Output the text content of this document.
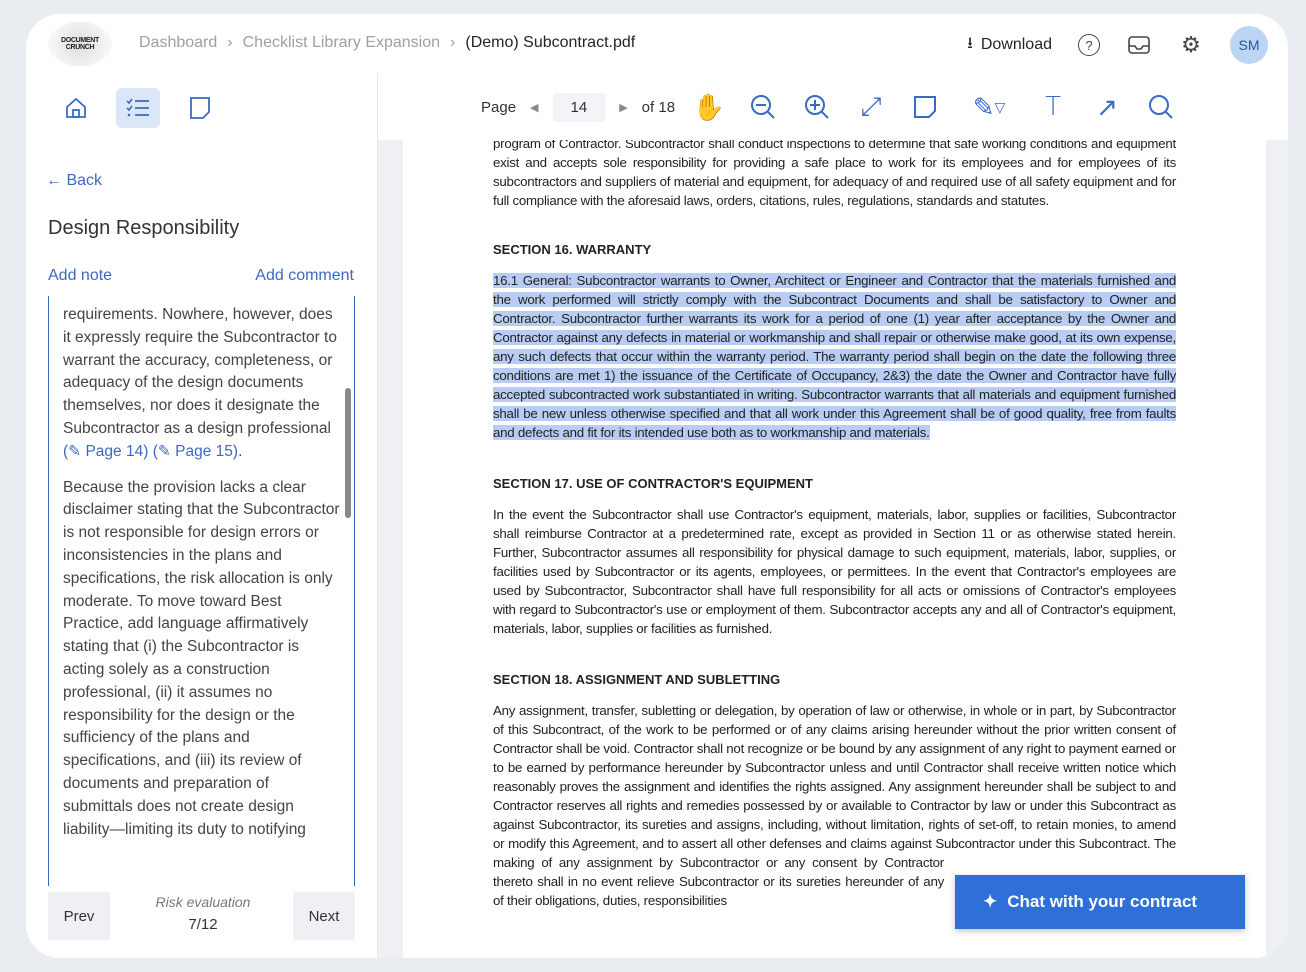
DOCUMENT CRUNCH	Dashboard › Checklist Library Expansion › (Demo) Subcontract.pdf	⭳ Download	?	⚙	SM
← Back
Design Responsibility
Add note	Add comment

requirements. Nowhere, however, does it expressly require the Subcontractor to warrant the accuracy, completeness, or adequacy of the design documents themselves, nor does it designate the Subcontractor as a design professional (✎ Page 14) (✎ Page 15).

Because the provision lacks a clear disclaimer stating that the Subcontractor is not responsible for design errors or inconsistencies in the plans and specifications, the risk allocation is only moderate. To move toward Best Practice, add language affirmatively stating that (i) the Subcontractor is acting solely as a construction professional, (ii) it assumes no responsibility for the design or the sufficiency of the plans and specifications, and (iii) its review of documents and preparation of submittals does not create design liability—limiting its duty to notifying

Prev
Risk evaluation
7/12	Next
Page ◀	14	▶ of 18 ✋	⤢	✎ ▽	T	↗

program of Contractor. Subcontractor shall conduct inspections to determine that safe working conditions and equipment exist and accepts sole responsibility for providing a safe place to work for its employees and for employees of its subcontractors and suppliers of material and equipment, for adequacy of and required use of all safety equipment and for full compliance with the aforesaid laws, orders, citations, rules, regulations, standards and statutes.

SECTION 16. WARRANTY

16.1 General: Subcontractor warrants to Owner, Architect or Engineer and Contractor that the materials furnished and the work performed will strictly comply with the Subcontract Documents and shall be satisfactory to Owner and Contractor. Subcontractor further warrants its work for a period of one (1) year after acceptance by the Owner and Contractor against any defects in material or workmanship and shall repair or otherwise make good, at its own expense, any such defects that occur within the warranty period. The warranty period shall begin on the date the following three conditions are met 1) the issuance of the Certificate of Occupancy, 2&3) the date the Owner and Contractor have fully accepted subcontracted work substantiated in writing. Subcontractor warrants that all materials and equipment furnished shall be new unless otherwise specified and that all work under this Agreement shall be of good quality, free from faults and defects and fit for its intended use both as to workmanship and materials.

SECTION 17. USE OF CONTRACTOR'S EQUIPMENT

In the event the Subcontractor shall use Contractor's equipment, materials, labor, supplies or facilities, Subcontractor shall reimburse Contractor at a predetermined rate, except as provided in Section 11 or as otherwise stated herein. Further, Subcontractor assumes all responsibility for physical damage to such equipment, materials, labor, supplies, or facilities used by Subcontractor or its agents, employees, or permittees. In the event that Contractor's employees are used by Subcontractor, Subcontractor shall have full responsibility for all acts or omissions of Contractor's employees with regard to Subcontractor's use or employment of them. Subcontractor accepts any and all of Contractor's equipment, materials, labor, supplies or facilities as furnished.

SECTION 18. ASSIGNMENT AND SUBLETTING

Any assignment, transfer, subletting or delegation, by operation of law or otherwise, in whole or in part, by Subcontractor of this Subcontract, of the work to be performed or of any claims arising hereunder without the prior written consent of Contractor shall be void. Contractor shall not recognize or be bound by any assignment of any right to payment earned or to be earned by performance hereunder by Subcontractor unless and until Contractor shall receive written notice which reasonably proves the assignment and identifies the rights assigned. Any assignment hereunder shall be subject to and Contractor reserves all rights and remedies possessed by or available to Contractor by law or under this Subcontract as against Subcontractor, its sureties and assigns, including, without limitation, rights of set-off, to retain monies, to amend or modify this Agreement, and to assert all other defenses and claims against Subcontractor under this Subcontract. The making of any assignment by Subcontractor or any consent by Contractor thereto shall in no event relieve Subcontractor or its sureties hereunder of any of their obligations, duties, responsibilities	✦ Chat with your contract
